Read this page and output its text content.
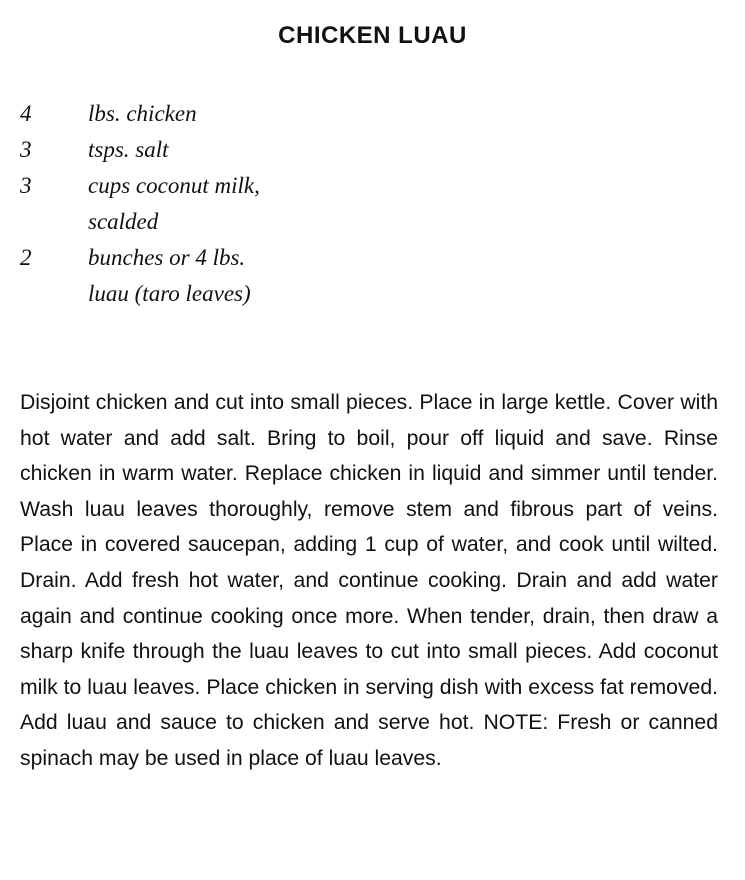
CHICKEN LUAU
4	lbs. chicken
3	tsps. salt
3	cups coconut milk,
scalded
2	bunches or 4 lbs.
luau (taro leaves)

Disjoint chicken and cut into small pieces. Place in large kettle. Cover with hot water and add salt. Bring to boil, pour off liquid and save. Rinse chicken in warm water. Replace chicken in liquid and simmer until tender. Wash luau leaves thoroughly, remove stem and fibrous part of veins. Place in covered saucepan, adding 1 cup of water, and cook until wilted. Drain. Add fresh hot water, and continue cooking. Drain and add water again and continue cooking once more. When tender, drain, then draw a sharp knife through the luau leaves to cut into small pieces. Add coconut milk to luau leaves. Place chicken in serving dish with excess fat removed. Add luau and sauce to chicken and serve hot. NOTE: Fresh or canned spinach may be used in place of luau leaves.
